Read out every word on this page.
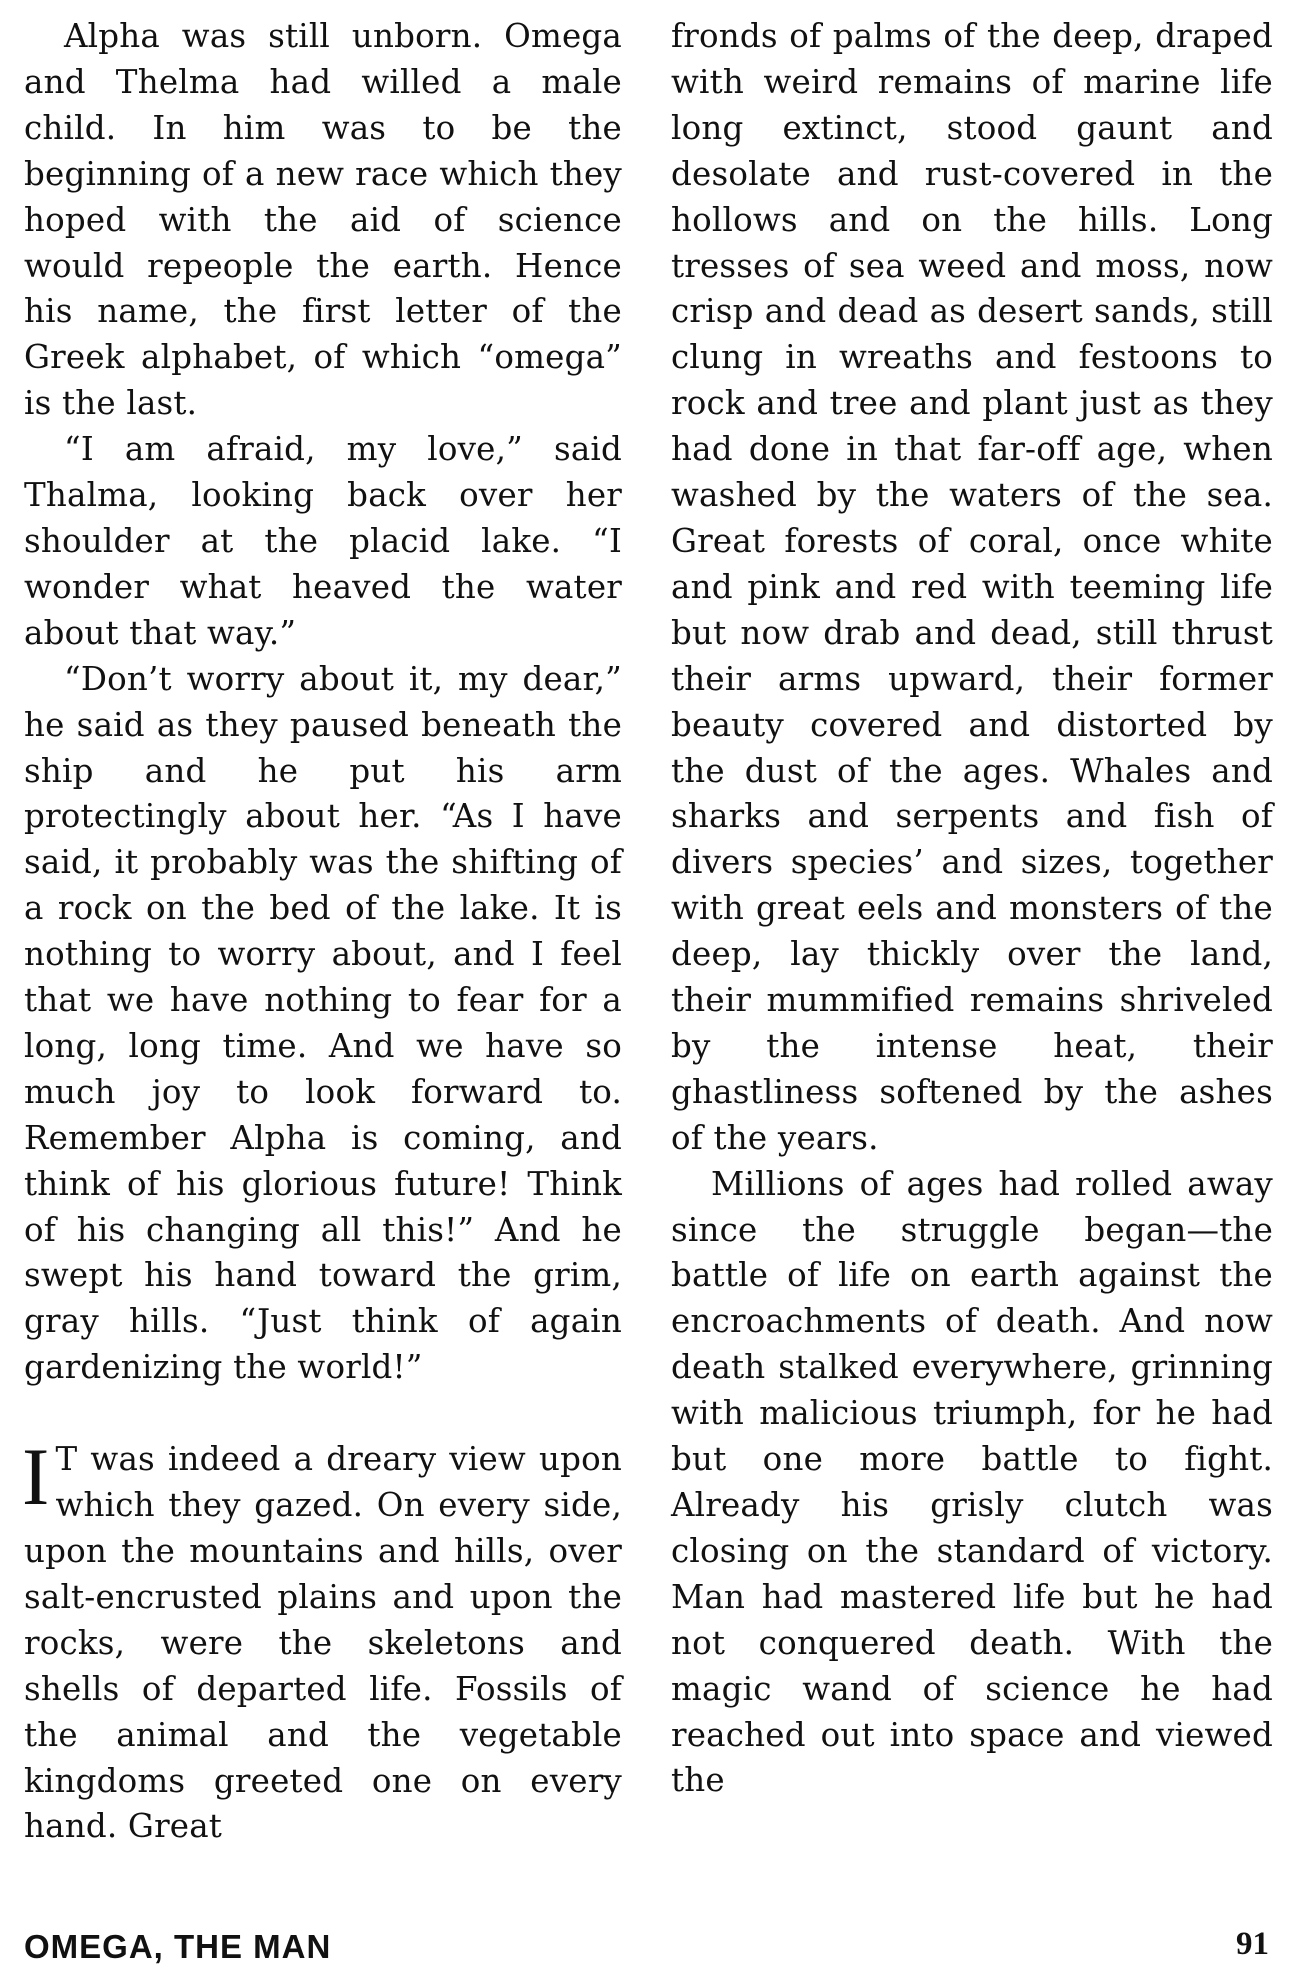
Alpha was still unborn. Omega and Thelma had willed a male child. In him was to be the beginning of a new race which they hoped with the aid of science would repeople the earth. Hence his name, the first letter of the Greek alphabet, of which “omega” is the last.

“I am afraid, my love,” said Thalma, looking back over her shoulder at the placid lake. “I wonder what heaved the water about that way.”

“Don’t worry about it, my dear,” he said as they paused beneath the ship and he put his arm protectingly about her. “As I have said, it probably was the shifting of a rock on the bed of the lake. It is nothing to worry about, and I feel that we have nothing to fear for a long, long time. And we have so much joy to look forward to. Remember Alpha is coming, and think of his glorious future! Think of his changing all this!” And he swept his hand toward the grim, gray hills. “Just think of again gardenizing the world!”

I T was indeed a dreary view upon which they gazed. On every side, upon the mountains and hills, over salt-encrusted plains and upon the rocks, were the skeletons and shells of departed life. Fossils of the animal and the vegetable kingdoms greeted one on every hand. Great

fronds of palms of the deep, draped with weird remains of marine life long extinct, stood gaunt and desolate and rust-covered in the hollows and on the hills. Long tresses of sea weed and moss, now crisp and dead as desert sands, still clung in wreaths and festoons to rock and tree and plant just as they had done in that far-off age, when washed by the waters of the sea. Great forests of coral, once white and pink and red with teeming life but now drab and dead, still thrust their arms upward, their former beauty covered and distorted by the dust of the ages. Whales and sharks and serpents and fish of divers species’ and sizes, together with great eels and monsters of the deep, lay thickly over the land, their mummified remains shriveled by the intense heat, their ghastliness softened by the ashes of the years.

Millions of ages had rolled away since the struggle began—the battle of life on earth against the encroachments of death. And now death stalked everywhere, grinning with malicious triumph, for he had but one more battle to fight. Already his grisly clutch was closing on the standard of victory. Man had mastered life but he had not conquered death. With the magic wand of science he had reached out into space and viewed the

OMEGA, THE MAN	91
